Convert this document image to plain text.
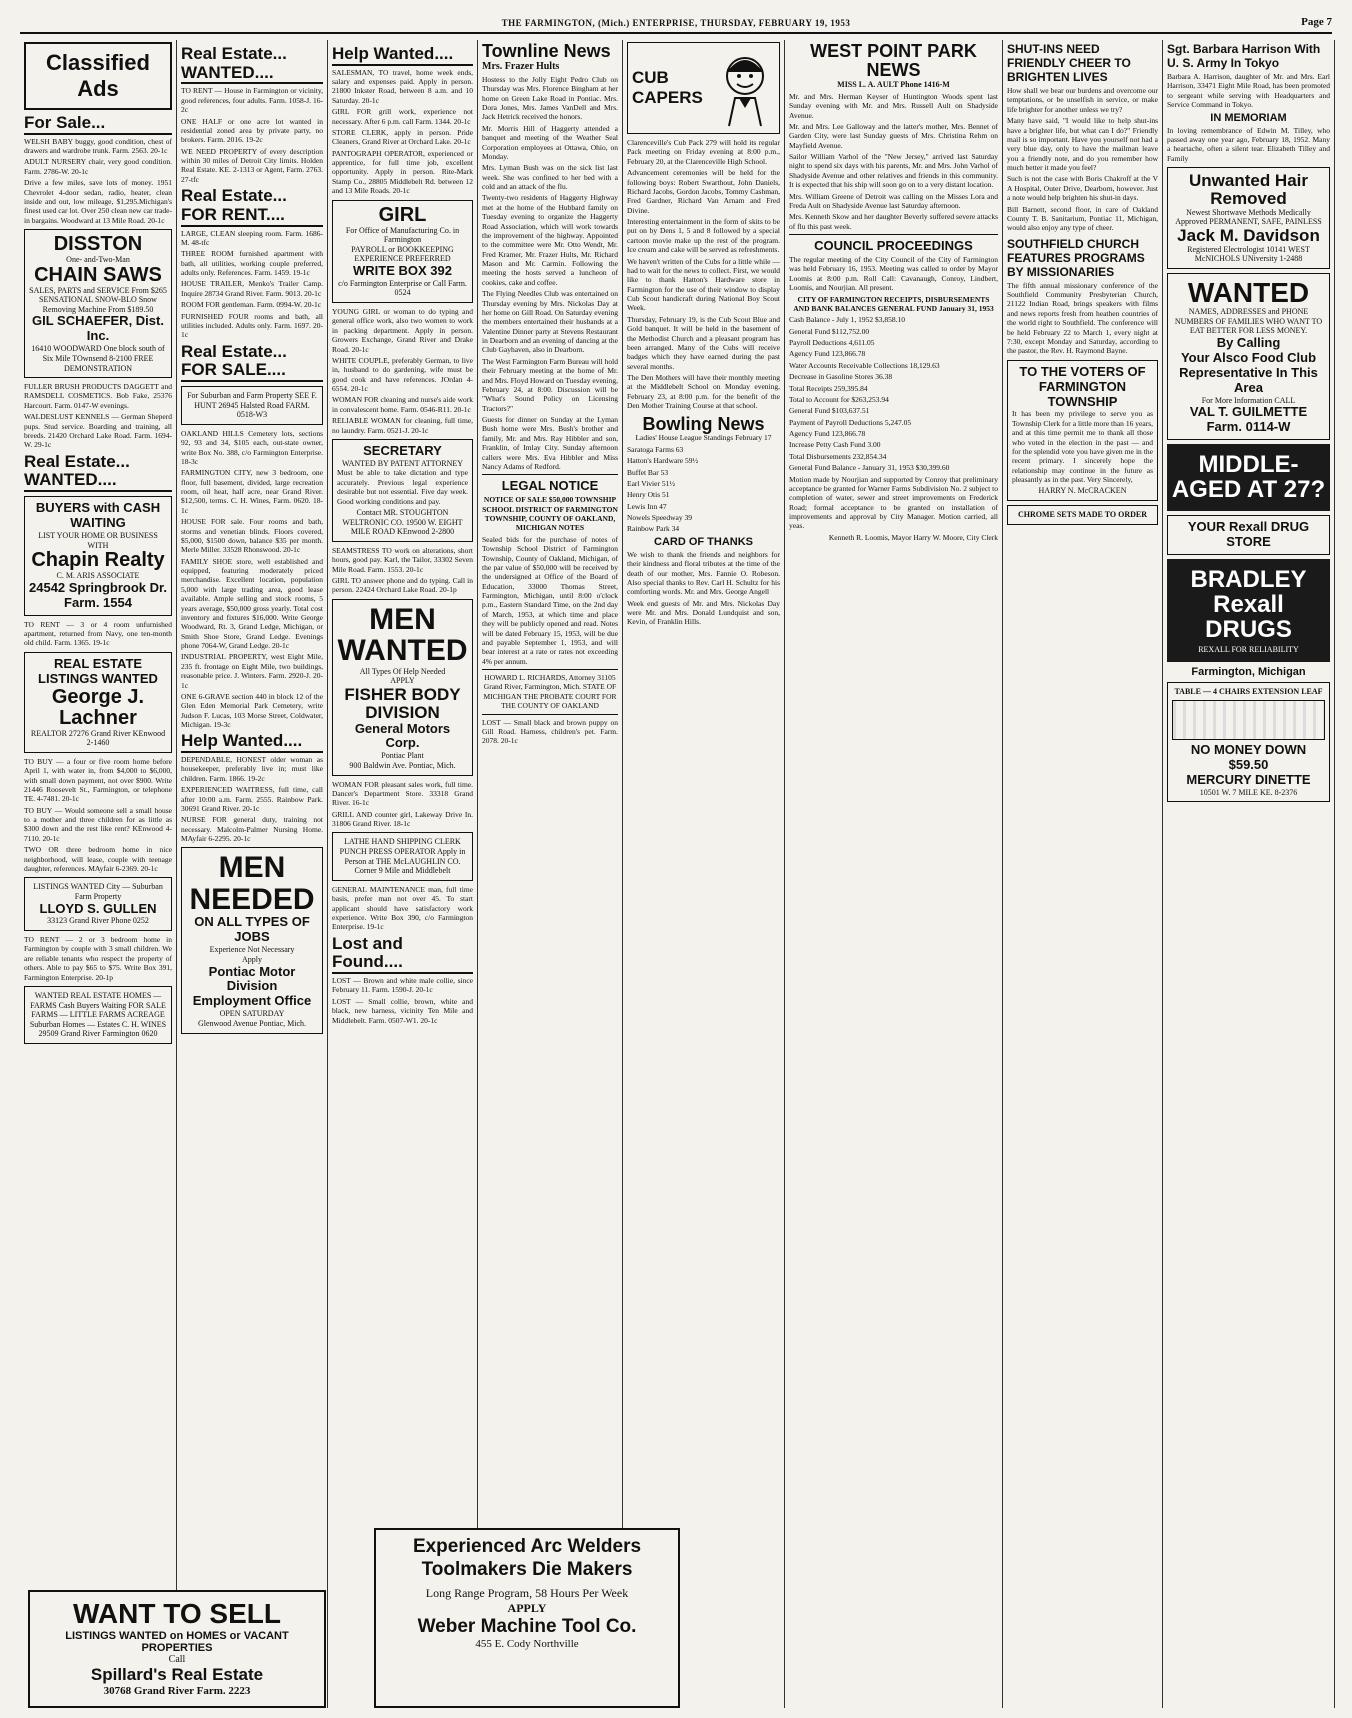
THE FARMINGTON, (Mich.) ENTERPRISE, THURSDAY, FEBRUARY 19, 1953	Page 7
Classified Ads
For Sale...

WELSH BABY buggy, good condition, chest of drawers and wardrobe trunk. Farm. 2563. 20-1c

ADULT NURSERY chair, very good condition. Farm. 2786-W. 20-1c

Drive a few miles, save lots of money. 1951 Chevrolet 4-door sedan, radio, heater, clean inside and out, low mileage, $1,295.Michigan's finest used car lot. Over 250 clean new car trade-in bargains. Woodward at 13 Mile Road. 20-1c

DISSTON
One- and-Two-Man
CHAIN SAWS
SALES, PARTS and SERVICE From $265
SENSATIONAL SNOW-BLO Snow Removing Machine From $189.50
GIL SCHAEFER, Dist. Inc.
16410 WOODWARD One block south of Six Mile TOwnsend 8-2100 FREE DEMONSTRATION

FULLER BRUSH PRODUCTS DAGGETT and RAMSDELL COSMETICS. Bob Fake, 25376 Harcourt. Farm. 0147-W evenings.

WALDESLUST KENNELS — German Sheperd pups. Stud service. Boarding and training, all breeds. 21420 Orchard Lake Road. Farm. 1694-W. 29-1c

Real Estate... WANTED....
BUYERS with CASH WAITING
LIST YOUR HOME OR BUSINESS WITH
Chapin Realty
C. M. ARIS ASSOCIATE
24542 Springbrook Dr. Farm. 1554

TO RENT — 3 or 4 room unfurnished apartment, returned from Navy, one ten-month old child. Farm. 1365. 19-1c

REAL ESTATE LISTINGS WANTED
George J. Lachner
REALTOR 27276 Grand River KEnwood 2-1460

TO BUY — a four or five room home before April 1, with water in, from $4,000 to $6,000, with small down payment, not over $900. Write 21446 Roosevelt St., Farmington, or telephone TE. 4-7481. 20-1c

TO BUY — Would someone sell a small house to a mother and three children for as little as $300 down and the rest like rent? KEnwood 4-7110. 20-1c

TWO OR three bedroom home in nice neighborhood, will lease, couple with teenage daughter, references. MAyfair 6-2369. 20-1c

LISTINGS WANTED City — Suburban Farm Property
LLOYD S. GULLEN
33123 Grand River Phone 0252

TO RENT — 2 or 3 bedroom home in Farmington by couple with 3 small children. We are reliable tenants who respect the property of others. Able to pay $65 to $75. Write Box 391, Farmington Enterprise. 20-1p

WANTED REAL ESTATE HOMES — FARMS Cash Buyers Waiting FOR SALE FARMS — LITTLE FARMS ACREAGE Suburban Homes — Estates C. H. WINES 29509 Grand River Farmington 0620
Real Estate... WANTED....

TO RENT — House in Farmington or vicinity, good references, four adults. Farm. 1058-J. 16-2c

ONE HALF or one acre lot wanted in residential zoned area by private party, no brokers. Farm. 2016. 19-2c

WE NEED PROPERTY of every description within 30 miles of Detroit City limits. Holden Real Estate. KE. 2-1313 or Agent, Farm. 2763. 27-tfc

Real Estate... FOR RENT....

LARGE, CLEAN sleeping room. Farm. 1686-M. 48-tfc

THREE ROOM furnished apartment with bath, all utilities, working couple preferred, adults only. References. Farm. 1459. 19-1c

HOUSE TRAILER, Menko's Trailer Camp. Inquire 28734 Grand River. Farm. 9013. 20-1c

ROOM FOR gentleman. Farm. 0994-W. 20-1c

FURNISHED FOUR rooms and bath, all utilities included. Adults only. Farm. 1697. 20-1c

Real Estate... FOR SALE....
For Suburban and Farm Property SEE F. HUNT 26945 Halsted Road FARM. 0518-W3

OAKLAND HILLS Cemetery lots, sections 92, 93 and 34, $105 each, out-state owner, write Box No. 388, c/o Farmington Enterprise. 18-3c

FARMINGTON CITY, new 3 bedroom, one floor, full basement, divided, large recreation room, oil heat, half acre, near Grand River. $12,500, terms. C. H. Wines, Farm. 0620. 18-1c

HOUSE FOR sale. Four rooms and bath, storms and venetian blinds. Floors covered, $5,000, $1500 down, balance $35 per month. Merle Miller. 33528 Rhonswood. 20-1c

FAMILY SHOE store, well established and equipped, featuring moderately priced merchandise. Excellent location, population 5,000 with large trading area, good lease available. Ample selling and stock rooms, 5 years average, $50,000 gross yearly. Total cost inventory and fixtures $16,000. Write George Woodward, Rt. 3, Grand Ledge, Michigan, or Smith Shoe Store, Grand Ledge. Evenings phone 7064-W, Grand Ledge. 20-1c

INDUSTRIAL PROPERTY, west Eight Mile, 235 ft. frontage on Eight Mile, two buildings, reasonable price. J. Winters. Farm. 2920-J. 20-1c

ONE 6-GRAVE section 440 in block 12 of the Glen Eden Memorial Park Cemetery, write Judson F. Lucas, 103 Morse Street, Coldwater, Michigan. 19-3c

Help Wanted....

DEPENDABLE, HONEST older woman as housekeeper, preferably live in; must like children. Farm. 1866. 19-2c

EXPERIENCED WAITRESS, full time, call after 10:00 a.m. Farm. 2555. Rainbow Park. 30691 Grand River. 20-1c

NURSE FOR general duty, training not necessary. Malcolm-Palmer Nursing Home. MAyfair 6-2295. 20-1c

MEN NEEDED
ON ALL TYPES OF JOBS
Experience Not Necessary
Apply
Pontiac Motor Division Employment Office
OPEN SATURDAY
Glenwood Avenue Pontiac, Mich.
Help Wanted....

SALESMAN, TO travel, home week ends, salary and expenses paid. Apply in person. 21800 Inkster Road, between 8 a.m. and 10 Saturday. 20-1c

GIRL FOR grill work, experience not necessary. After 6 p.m. call Farm. 1344. 20-1c

STORE CLERK, apply in person. Pride Cleaners, Grand River at Orchard Lake. 20-1c

PANTOGRAPH OPERATOR, experienced or apprentice, for full time job, excellent opportunity. Apply in person. Rite-Mark Stamp Co., 28805 Middlebelt Rd. between 12 and 13 Mile Roads. 20-1c

GIRL
For Office of Manufacturing Co. in Farmington
PAYROLL or BOOKKEEPING EXPERIENCE PREFERRED
WRITE BOX 392
c/o Farmington Enterprise or Call Farm. 0524

YOUNG GIRL or woman to do typing and general office work, also two women to work in packing department. Apply in person. Growers Exchange, Grand River and Drake Road. 20-1c

WHITE COUPLE, preferably German, to live in, husband to do gardening, wife must be good cook and have references. JOrdan 4-6554. 20-1c

WOMAN FOR cleaning and nurse's aide work in convalescent home. Farm. 0546-R11. 20-1c

RELIABLE WOMAN for cleaning, full time, no laundry. Farm. 0521-J. 20-1c

SECRETARY
WANTED BY PATENT ATTORNEY

Must be able to take dictation and type accurately. Previous legal experience desirable but not essential. Five day week. Good working conditions and pay.

Contact MR. STOUGHTON WELTRONIC CO. 19500 W. EIGHT MILE ROAD KEnwood 2-2800

SEAMSTRESS TO work on alterations, short hours, good pay. Karl, the Tailor, 33302 Seven Mile Road. Farm. 1553. 20-1c

GIRL TO answer phone and do typing. Call in person. 22424 Orchard Lake Road. 20-1p

MEN WANTED
All Types Of Help Needed
APPLY
FISHER BODY DIVISION
General Motors Corp.
Pontiac Plant
900 Baldwin Ave. Pontiac, Mich.

WOMAN FOR pleasant sales work, full time. Dancer's Department Store. 33318 Grand River. 16-1c

GRILL AND counter girl, Lakeway Drive In. 31806 Grand River. 18-1c

LATHE HAND SHIPPING CLERK PUNCH PRESS OPERATOR Apply in Person at THE McLAUGHLIN CO. Corner 9 Mile and Middlebelt

GENERAL MAINTENANCE man, full time basis, prefer man not over 45. To start applicant should have satisfactory work experience. Write Box 390, c/o Farmington Enterprise. 19-1c

Lost and Found....

LOST — Brown and white male collie, since February 11. Farm. 1590-J. 20-1c

LOST — Small collie, brown, white and black, new harness, vicinity Ten Mile and Middlebelt. Farm. 0507-W1. 20-1c

Townline News
Mrs. Frazer Hults

Hostess to the Jolly Eight Pedro Club on Thursday was Mrs. Florence Bingham at her home on Green Lake Road in Pontiac. Mrs. Dora Jones, Mrs. James VanDell and Mrs. Jack Hetrick received the honors.

Mr. Morris Hill of Haggerty attended a banquet and meeting of the Weather Seal Corporation employees at Ottawa, Ohio, on Monday.

Mrs. Lyman Bush was on the sick list last week. She was confined to her bed with a cold and an attack of the flu.

Twenty-two residents of Haggerty Highway met at the home of the Hubbard family on Tuesday evening to organize the Haggerty Road Association, which will work towards the improvement of the highway. Appointed to the committee were Mr. Otto Wendt, Mr. Fred Kramer, Mr. Frazer Hults, Mr. Richard Mason and Mr. Carmin. Following the meeting the hosts served a luncheon of cookies, cake and coffee.

The Flying Needles Club was entertained on Thursday evening by Mrs. Nickolas Day at her home on Gill Road. On Saturday evening the members entertained their husbands at a Valentine Dinner party at Stevens Restaurant in Dearborn and an evening of dancing at the Club Gayhaven, also in Dearborn.

The West Farmington Farm Bureau will hold their February meeting at the home of Mr. and Mrs. Floyd Howard on Tuesday evening, February 24, at 8:00. Discussion will be "What's Sound Policy on Licensing Tractors?"

Guests for dinner on Sunday at the Lyman Bush home were Mrs. Bush's brother and family, Mr. and Mrs. Ray Hibbler and son, Franklin, of Imlay City. Sunday afternoon callers were Mrs. Eva Hibbler and Miss Nancy Adams of Redford.

LEGAL NOTICE

NOTICE OF SALE $50,000 TOWNSHIP SCHOOL DISTRICT OF FARMINGTON TOWNSHIP, COUNTY OF OAKLAND, MICHIGAN NOTES

Sealed bids for the purchase of notes of Township School District of Farmington Township, County of Oakland, Michigan, of the par value of $50,000 will be received by the undersigned at Office of the Board of Education, 33000 Thomas Street, Farmington, Michigan, until 8:00 o'clock p.m., Eastern Standard Time, on the 2nd day of March, 1953, at which time and place they will be publicly opened and read. Notes will be dated February 15, 1953, will be due and payable September 1, 1953, and will bear interest at a rate or rates not exceeding 4% per annum.

HOWARD L. RICHARDS, Attorney 31105 Grand River, Farmington, Mich. STATE OF MICHIGAN THE PROBATE COURT FOR THE COUNTY OF OAKLAND

LOST — Small black and brown puppy on Gill Road. Harness, children's pet. Farm. 2078. 20-1c

CUB CAPERS

Clarenceville's Cub Pack 279 will hold its regular Pack meeting on Friday evening at 8:00 p.m., February 20, at the Clarenceville High School.

Advancement ceremonies will be held for the following boys: Robert Swarthout, John Daniels, Richard Jacobs, Gordon Jacobs, Tommy Cashman, Fred Gardner, Richard Van Arnam and Fred Divine.

Interesting entertainment in the form of skits to be put on by Dens 1, 5 and 8 followed by a special cartoon movie make up the rest of the program. Ice cream and cake will be served as refreshments.

We haven't written of the Cubs for a little while — had to wait for the news to collect. First, we would like to thank Hatton's Hardware store in Farmington for the use of their window to display Cub Scout handicraft during National Boy Scout Week.

Thursday, February 19, is the Cub Scout Blue and Gold banquet. It will be held in the basement of the Methodist Church and a pleasant program has been arranged. Many of the Cubs will receive badges which they have earned during the past several months.

The Den Mothers will have their monthly meeting at the Middlebelt School on Monday evening, February 23, at 8:00 p.m. for the benefit of the Den Mother Training Course at that school.

Bowling News

Ladies' House League Standings February 17

Saratoga Farms 63

Hatton's Hardware 59½

Buffet Bar 53

Earl Vivier 51½

Henry Otis 51

Lewis Inn 47

Nowels Speedway 39

Rainbow Park 34

CARD OF THANKS

We wish to thank the friends and neighbors for their kindness and floral tributes at the time of the death of our mother, Mrs. Fannie O. Robeson. Also special thanks to Rev. Carl H. Schultz for his comforting words. Mr. and Mrs. George Angell

Week end guests of Mr. and Mrs. Nickolas Day were Mr. and Mrs. Donald Lundquist and son, Kevin, of Franklin Hills.

WEST POINT PARK NEWS
MISS L. A. AULT Phone 1416-M

Mr. and Mrs. Herman Keyser of Huntington Woods spent last Sunday evening with Mr. and Mrs. Russell Ault on Shadyside Avenue.

Mr. and Mrs. Lee Galloway and the latter's mother, Mrs. Bennet of Garden City, were last Sunday guests of Mrs. Christina Rehm on Mayfield Avenue.

Sailor William Varhol of the "New Jersey," arrived last Saturday night to spend six days with his parents, Mr. and Mrs. John Varhol of Shadyside Avenue and other relatives and friends in this community. It is expected that his ship will soon go on to a very distant location.

Mrs. William Greene of Detroit was calling on the Misses Lora and Freda Ault on Shadyside Avenue last Saturday afternoon.

Mrs. Kenneth Skow and her daughter Beverly suffered severe attacks of flu this past week.

COUNCIL PROCEEDINGS

The regular meeting of the City Council of the City of Farmington was held February 16, 1953. Meeting was called to order by Mayor Loomis at 8:00 p.m. Roll Call: Cavanaugh, Conroy, Lindbert, Loomis, and Nourjian. All present.

CITY OF FARMINGTON RECEIPTS, DISBURSEMENTS AND BANK BALANCES GENERAL FUND January 31, 1953

Cash Balance - July 1, 1952 $3,858.10

General Fund $112,752.00

Payroll Deductions 4,611.05

Agency Fund 123,866.78

Water Accounts Receivable Collections 18,129.63

Decrease in Gasoline Stores 36.38

Total Receipts 259,395.84

Total to Account for $263,253.94

General Fund $103,637.51

Payment of Payroll Deductions 5,247.05

Agency Fund 123,866.78

Increase Petty Cash Fund 3.00

Total Disbursements 232,854.34

General Fund Balance - January 31, 1953 $30,399.60

Motion made by Nourjian and supported by Conroy that preliminary acceptance be granted for Warner Farms Subdivision No. 2 subject to completion of water, sewer and street improvements on Frederick Road; formal acceptance to be granted on installation of improvements and approval by City Manager. Motion carried, all yeas.

Kenneth R. Loomis, Mayor Harry W. Moore, City Clerk

SHUT-INS NEED FRIENDLY CHEER TO BRIGHTEN LIVES

How shall we bear our burdens and overcome our temptations, or be unselfish in service, or make life brighter for another unless we try?

Many have said, "I would like to help shut-ins have a brighter life, but what can I do?" Friendly mail is so important. Have you yourself not had a very blue day, only to have the mailman leave you a friendly note, and do you remember how much better it made you feel?

Such is not the case with Boris Chakroff at the V A Hospital, Outer Drive, Dearborn, however. Just a note would help brighten his shut-in days.

Bill Barnett, second floor, in care of Oakland County T. B. Sanitarium, Pontiac 11, Michigan, would also enjoy any type of cheer.

SOUTHFIELD CHURCH FEATURES PROGRAMS BY MISSIONARIES

The fifth annual missionary conference of the Southfield Community Presbyterian Church, 21122 Indian Road, brings speakers with films and news reports fresh from heathen countries of the world right to Southfield. The conference will be held February 22 to March 1, every night at 7:30, except Monday and Saturday, according to the pastor, the Rev. H. Raymond Bayne.

TO THE VOTERS OF FARMINGTON TOWNSHIP

It has been my privilege to serve you as Township Clerk for a little more than 16 years, and at this time permit me to thank all those who voted in the election in the past — and for the splendid vote you have given me in the recent primary. I sincerely hope the relationship may continue in the future as pleasantly as in the past. Very Sincerely,

HARRY N. McCRACKEN
CHROME SETS MADE TO ORDER
Sgt. Barbara Harrison With U. S. Army In Tokyo

Barbara A. Harrison, daughter of Mr. and Mrs. Earl Harrison, 33471 Eight Mile Road, has been promoted to sergeant while serving with Headquarters and Service Command in Tokyo.

IN MEMORIAM

In loving remembrance of Edwin M. Tilley, who passed away one year ago, February 18, 1952. Many a heartache, often a silent tear. Elizabeth Tilley and Family

Unwanted Hair Removed
Newest Shortwave Methods Medically Approved PERMANENT, SAFE, PAINLESS
Jack M. Davidson
Registered Electrologist 10141 WEST McNICHOLS UNiversity 1-2488
WANTED
NAMES, ADDRESSES and PHONE NUMBERS OF FAMILIES WHO WANT TO EAT BETTER FOR LESS MONEY.
By Calling
Your Alsco Food Club Representative In This Area
For More Information CALL
VAL T. GUILMETTE Farm. 0114-W
MIDDLE-AGED AT 27?
YOUR Rexall DRUG STORE
BRADLEY Rexall DRUGS
REXALL FOR RELIABILITY
Farmington, Michigan
TABLE — 4 CHAIRS EXTENSION LEAF
NO MONEY DOWN $59.50
MERCURY DINETTE
10501 W. 7 MILE KE. 8-2376
WANT TO SELL
LISTINGS WANTED on HOMES or VACANT PROPERTIES
Call
Spillard's Real Estate
30768 Grand River Farm. 2223
Experienced Arc Welders Toolmakers Die Makers
Long Range Program, 58 Hours Per Week
APPLY
Weber Machine Tool Co.
455 E. Cody Northville
